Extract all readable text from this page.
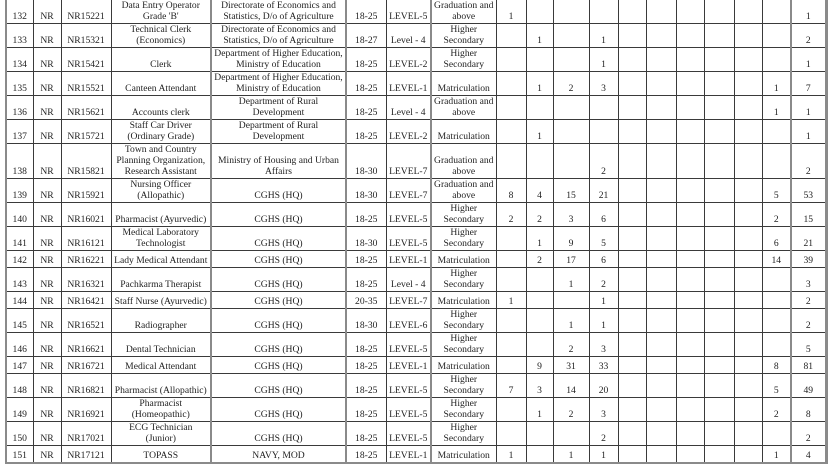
132	NR	NR15221	Data Entry Operator Grade 'B'	Directorate of Economics and Statistics, D/o of Agriculture	18-25	LEVEL-5	Graduation and above	1										1
133	NR	NR15321	Technical Clerk (Economics)	Directorate of Economics and Statistics, D/o of Agriculture	18-27	Level - 4	Higher Secondary		1		1							2
134	NR	NR15421	Clerk	Department of Higher Education, Ministry of Education	18-25	LEVEL-2	Higher Secondary				1							1
135	NR	NR15521	Canteen Attendant	Department of Higher Education, Ministry of Education	18-25	LEVEL-1	Matriculation		1	2	3						1	7
136	NR	NR15621	Accounts clerk	Department of Rural Development	18-25	Level - 4	Graduation and above										1	1
137	NR	NR15721	Staff Car Driver (Ordinary Grade)	Department of Rural Development	18-25	LEVEL-2	Matriculation		1									1
138	NR	NR15821	Town and Country Planning Organization, Research Assistant	Ministry of Housing and Urban Affairs	18-30	LEVEL-7	Graduation and above				2							2
139	NR	NR15921	Nursing Officer (Allopathic)	CGHS (HQ)	18-30	LEVEL-7	Graduation and above	8	4	15	21						5	53
140	NR	NR16021	Pharmacist (Ayurvedic)	CGHS (HQ)	18-25	LEVEL-5	Higher Secondary	2	2	3	6						2	15
141	NR	NR16121	Medical Laboratory Technologist	CGHS (HQ)	18-30	LEVEL-5	Higher Secondary		1	9	5						6	21
142	NR	NR16221	Lady Medical Attendant	CGHS (HQ)	18-25	LEVEL-1	Matriculation		2	17	6						14	39
143	NR	NR16321	Pachkarma Therapist	CGHS (HQ)	18-25	Level - 4	Higher Secondary			1	2							3
144	NR	NR16421	Staff Nurse (Ayurvedic)	CGHS (HQ)	20-35	LEVEL-7	Matriculation	1			1							2
145	NR	NR16521	Radiographer	CGHS (HQ)	18-30	LEVEL-6	Higher Secondary			1	1							2
146	NR	NR16621	Dental Technician	CGHS (HQ)	18-25	LEVEL-5	Higher Secondary			2	3							5
147	NR	NR16721	Medical Attendant	CGHS (HQ)	18-25	LEVEL-1	Matriculation		9	31	33						8	81
148	NR	NR16821	Pharmacist (Allopathic)	CGHS (HQ)	18-25	LEVEL-5	Higher Secondary	7	3	14	20						5	49
149	NR	NR16921	Pharmacist (Homeopathic)	CGHS (HQ)	18-25	LEVEL-5	Higher Secondary		1	2	3						2	8
150	NR	NR17021	ECG Technician (Junior)	CGHS (HQ)	18-25	LEVEL-5	Higher Secondary				2							2
151	NR	NR17121	TOPASS	NAVY, MOD	18-25	LEVEL-1	Matriculation	1		1	1						1	4
